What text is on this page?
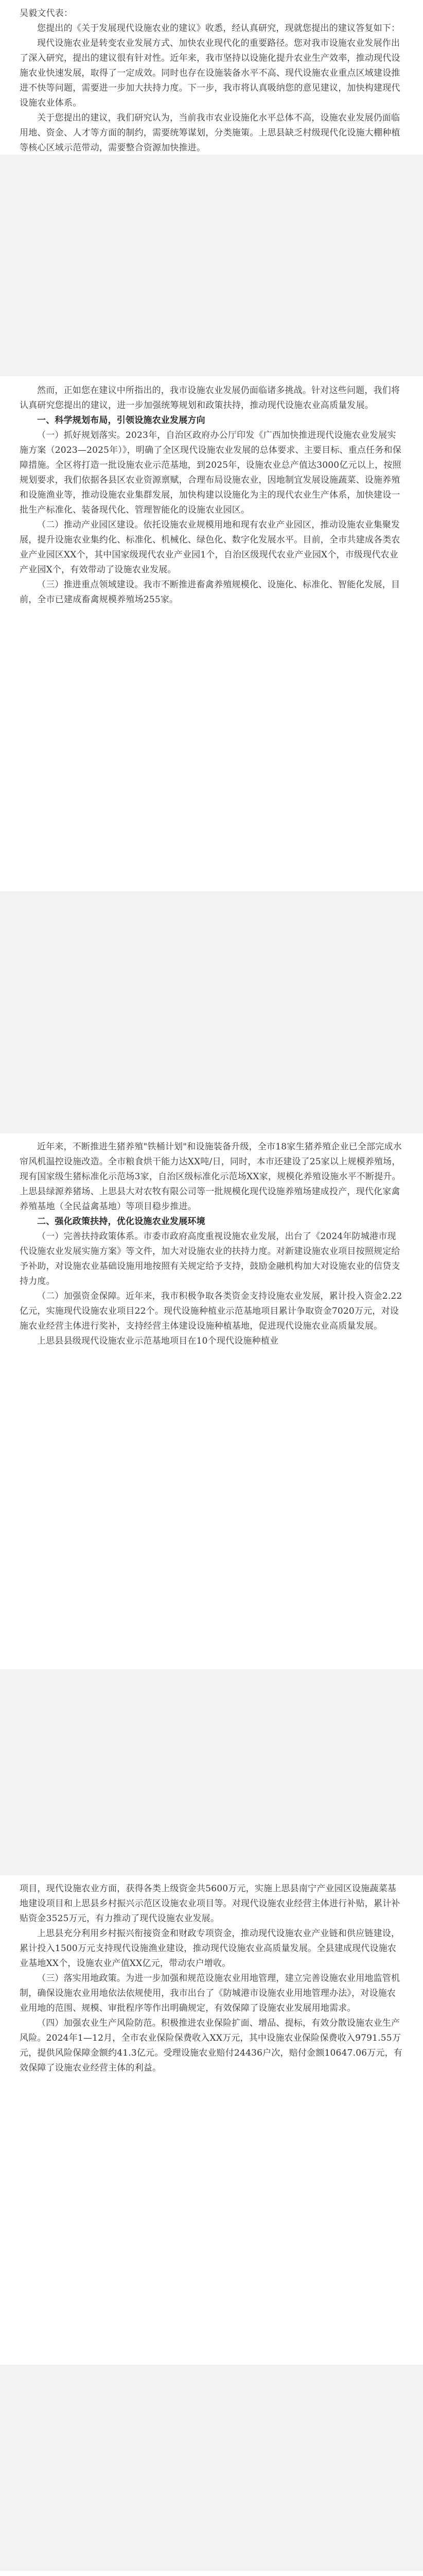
吴毅文代表：

您提出的《关于发展现代设施农业的建议》收悉，经认真研究，现就您提出的建议答复如下：

现代设施农业是转变农业发展方式、加快农业现代化的重要路径。您对我市设施农业发展作出了深入研究，提出的建议很有针对性。近年来，我市坚持以设施化提升农业生产效率，推动现代设施农业快速发展，取得了一定成效。同时也存在设施装备水平不高、现代设施农业重点区域建设推进不快等问题，需要进一步加大扶持力度。下一步，我市将认真吸纳您的意见建议，加快构建现代设施农业体系。

关于您提出的建议，我们研究认为，当前我市农业设施化水平总体不高，设施农业发展仍面临用地、资金、人才等方面的制约，需要统筹谋划，分类施策。上思县缺乏村级现代化设施大棚种植等核心区域示范带动，需要整合资源加快推进。

然而，正如您在建议中所指出的，我市设施农业发展仍面临诸多挑战。针对这些问题，我们将认真研究您提出的建议，进一步加强统筹规划和政策扶持，推动现代设施农业高质量发展。

一、科学规划布局，引领设施农业发展方向

（一）抓好规划落实。2023年，自治区政府办公厅印发《广西加快推进现代设施农业发展实施方案（2023—2025年）》，明确了全区现代设施农业发展的总体要求、主要目标、重点任务和保障措施。全区将打造一批设施农业示范基地，到2025年，设施农业总产值达3000亿元以上，按照规划要求，我们依据各县区农业资源禀赋，合理布局设施农业，因地制宜发展设施蔬菜、设施养殖和设施渔业等，推动设施农业集群发展，加快构建以设施化为主的现代农业生产体系，加快建设一批生产标准化、装备现代化、管理智能化的设施农业园区。

（二）推动产业园区建设。依托设施农业规模用地和现有农业产业园区，推动设施农业集聚发展，提升设施农业集约化、标准化、机械化、绿色化、数字化发展水平。目前，全市共建成各类农业产业园区XX个，其中国家级现代农业产业园1个，自治区级现代农业产业园X个，市级现代农业产业园X个，有效带动了设施农业发展。

（三）推进重点领域建设。我市不断推进畜禽养殖规模化、设施化、标准化、智能化发展，目前，全市已建成畜禽规模养殖场255家。

近年来，不断推进生猪养殖"铁桶计划"和设施装备升级，全市18家生猪养殖企业已全部完成水帘风机温控设施改造。全市粮食烘干能力达XX吨/日，同时，本市还建设了25家以上规模养殖场，现有国家级生猪标准化示范场3家，自治区级标准化示范场XX家，规模化养殖设施水平不断提升。上思县绿源养猪场、上思县大对农牧有限公司等一批规模化现代设施养殖场建成投产，现代化家禽养殖基地（全民益禽基地）等项目稳步推进。

二、强化政策扶持，优化设施农业发展环境

（一）完善扶持政策体系。市委市政府高度重视设施农业发展，出台了《2024年防城港市现代设施农业发展实施方案》等文件，加大对设施农业的扶持力度。对新建设施农业项目按照规定给予补助，对设施农业基础设施用地按照有关规定给予支持，鼓励金融机构加大对设施农业的信贷支持力度。

（二）加强资金保障。近年来，我市积极争取各类资金支持设施农业发展，累计投入资金2.22亿元，实施现代设施农业项目22个。现代设施种植业示范基地项目累计争取资金7020万元，对设施农业经营主体进行奖补，支持经营主体建设设施种植基地，促进现代设施农业高质量发展。

上思县县级现代设施农业示范基地项目在10个现代设施种植业

项目，现代设施农业方面，获得各类上级资金共5600万元，实施上思县南宁产业园区设施蔬菜基地建设项目和上思县乡村振兴示范区设施农业项目等。对现代设施农业经营主体进行补贴，累计补贴资金3525万元，有力推动了现代设施农业发展。

上思县充分利用乡村振兴衔接资金和财政专项资金，推动现代设施农业产业链和供应链建设，累计投入1500万元支持现代设施渔业建设，推动现代设施农业高质量发展。全县建成现代设施农业基地XX个，设施农业产值XX亿元，带动农户增收。

（三）落实用地政策。为进一步加强和规范设施农业用地管理，建立完善设施农业用地监管机制，确保设施农业用地依法依规使用，我市出台了《防城港市设施农业用地管理办法》，对设施农业用地的范围、规模、审批程序等作出明确规定，有效保障了设施农业发展用地需求。

（四）加强农业生产风险防范。积极推进农业保险扩面、增品、提标，有效分散设施农业生产风险。2024年1—12月，全市农业保险保费收入XX万元，其中设施农业保险保费收入9791.55万元，提供风险保障金额约41.3亿元。受理设施农业赔付24436户次，赔付金额10647.06万元，有效保障了设施农业经营主体的利益。
